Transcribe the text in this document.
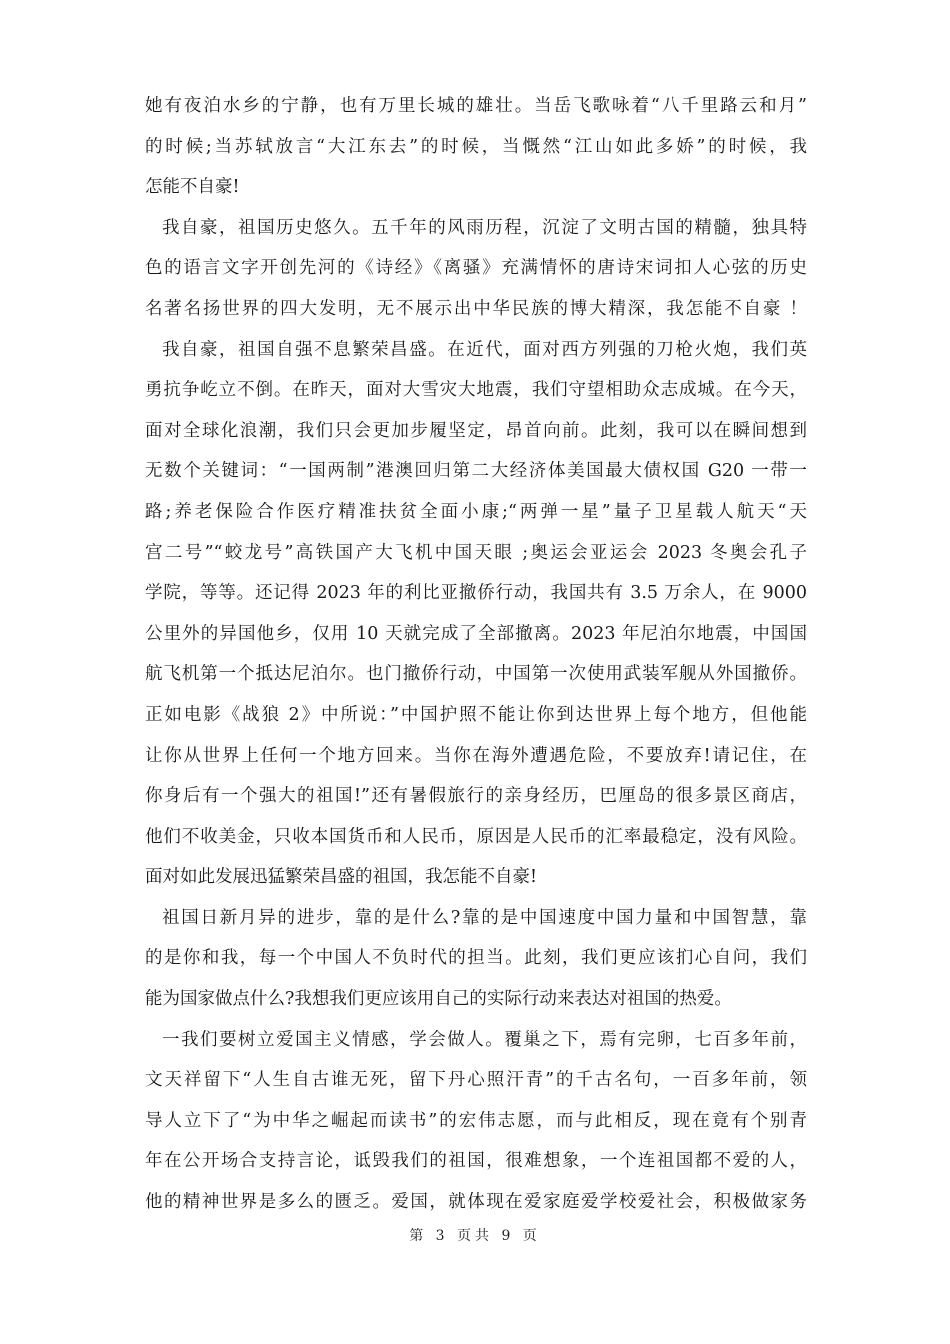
她有夜泊水乡的宁静，也有万里长城的雄壮。当岳飞歌咏着“八千里路云和月”
的时候;当苏轼放言“大江东去”的时候，当慨然“江山如此多娇”的时候，我
怎能不自豪!
我自豪，祖国历史悠久。五千年的风雨历程，沉淀了文明古国的精髓，独具特
色的语言文字开创先河的《诗经》《离骚》充满情怀的唐诗宋词扣人心弦的历史
名著名扬世界的四大发明，无不展示出中华民族的博大精深，我怎能不自豪 ！
我自豪，祖国自强不息繁荣昌盛。在近代，面对西方列强的刀枪火炮，我们英
勇抗争屹立不倒。在昨天，面对大雪灾大地震，我们守望相助众志成城。在今天，
面对全球化浪潮，我们只会更加步履坚定，昂首向前。此刻，我可以在瞬间想到
无数个关键词：“一国两制”港澳回归第二大经济体美国最大债权国 G20 一带一
路;养老保险合作医疗精准扶贫全面小康;“两弹一星”量子卫星载人航天“天
宫二号”“蛟龙号”高铁国产大飞机中国天眼 ;奥运会亚运会 2023 冬奥会孔子
学院，等等。还记得 2023 年的利比亚撤侨行动，我国共有 3.5 万余人，在 9000
公里外的异国他乡，仅用 10 天就完成了全部撤离。2023 年尼泊尔地震，中国国
航飞机第一个抵达尼泊尔。也门撤侨行动，中国第一次使用武装军舰从外国撤侨。
正如电影《战狼 2》中所说：”中国护照不能让你到达世界上每个地方，但他能
让你从世界上任何一个地方回来。当你在海外遭遇危险，不要放弃!请记住，在
你身后有一个强大的祖国!”还有暑假旅行的亲身经历，巴厘岛的很多景区商店，
他们不收美金，只收本国货币和人民币，原因是人民币的汇率最稳定，没有风险。
面对如此发展迅猛繁荣昌盛的祖国，我怎能不自豪!
祖国日新月异的进步，靠的是什么?靠的是中国速度中国力量和中国智慧，靠
的是你和我，每一个中国人不负时代的担当。此刻，我们更应该扪心自问，我们
能为国家做点什么?我想我们更应该用自己的实际行动来表达对祖国的热爱。
一我们要树立爱国主义情感，学会做人。覆巢之下，焉有完卵，七百多年前，
文天祥留下“人生自古谁无死，留下丹心照汗青”的千古名句，一百多年前，领
导人立下了“为中华之崛起而读书”的宏伟志愿，而与此相反，现在竟有个别青
年在公开场合支持言论，诋毁我们的祖国，很难想象，一个连祖国都不爱的人，
他的精神世界是多么的匮乏。爱国，就体现在爱家庭爱学校爱社会，积极做家务
第 3 页共 9 页
